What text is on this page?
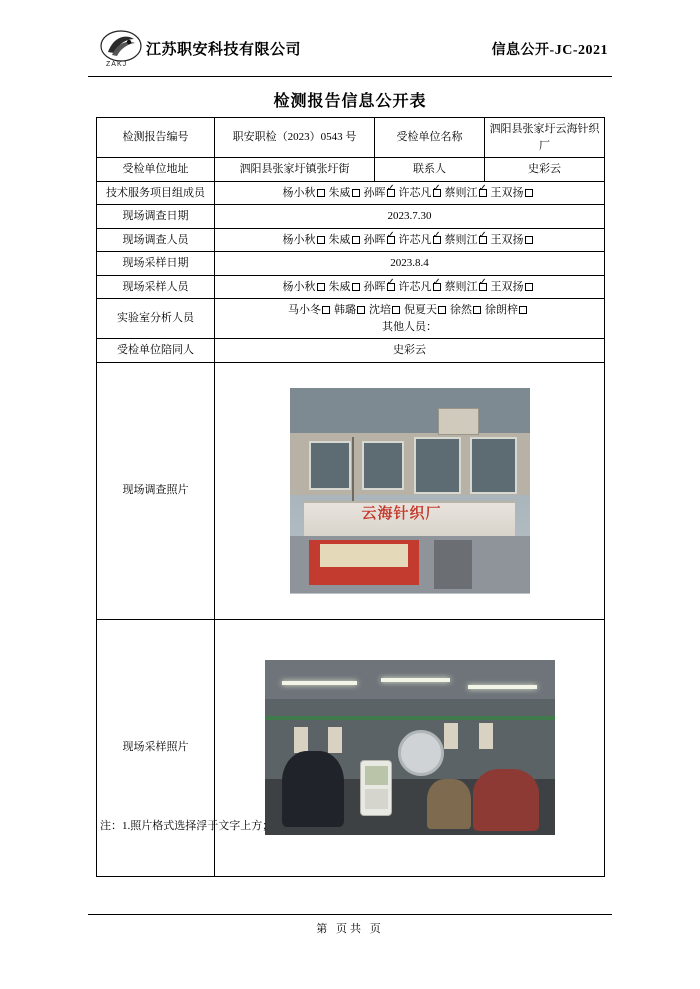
ZAKJ
江苏职安科技有限公司	信息公开-JC-2021
检测报告信息公开表
检测报告编号	职安职检（2023）0543 号	受检单位名称	泗阳县张家圩云海针织厂
受检单位地址	泗阳县张家圩镇张圩街	联系人	史彩云
技术服务项目组成员	杨小秋 朱威 孙晖 ✓ 许芯凡 ✓ 蔡则江 ✓ 王双扬
现场调查日期	2023.7.30		
现场调查人员	杨小秋 朱威 孙晖 ✓ 许芯凡 ✓ 蔡则江 ✓ 王双扬
现场采样日期	2023.8.4		
现场采样人员	杨小秋 朱威 孙晖 ✓ 许芯凡 ✓ 蔡则江 ✓ 王双扬
实验室分析人员	马小冬 韩璐 沈培 倪夏天 徐然 徐朗梓
其他人员：		

受检单位陪同人	史彩云		
现场调查照片	云海针织厂		

现场采样照片			
注：1.照片格式选择浮于文字上方；
第 页共 页
